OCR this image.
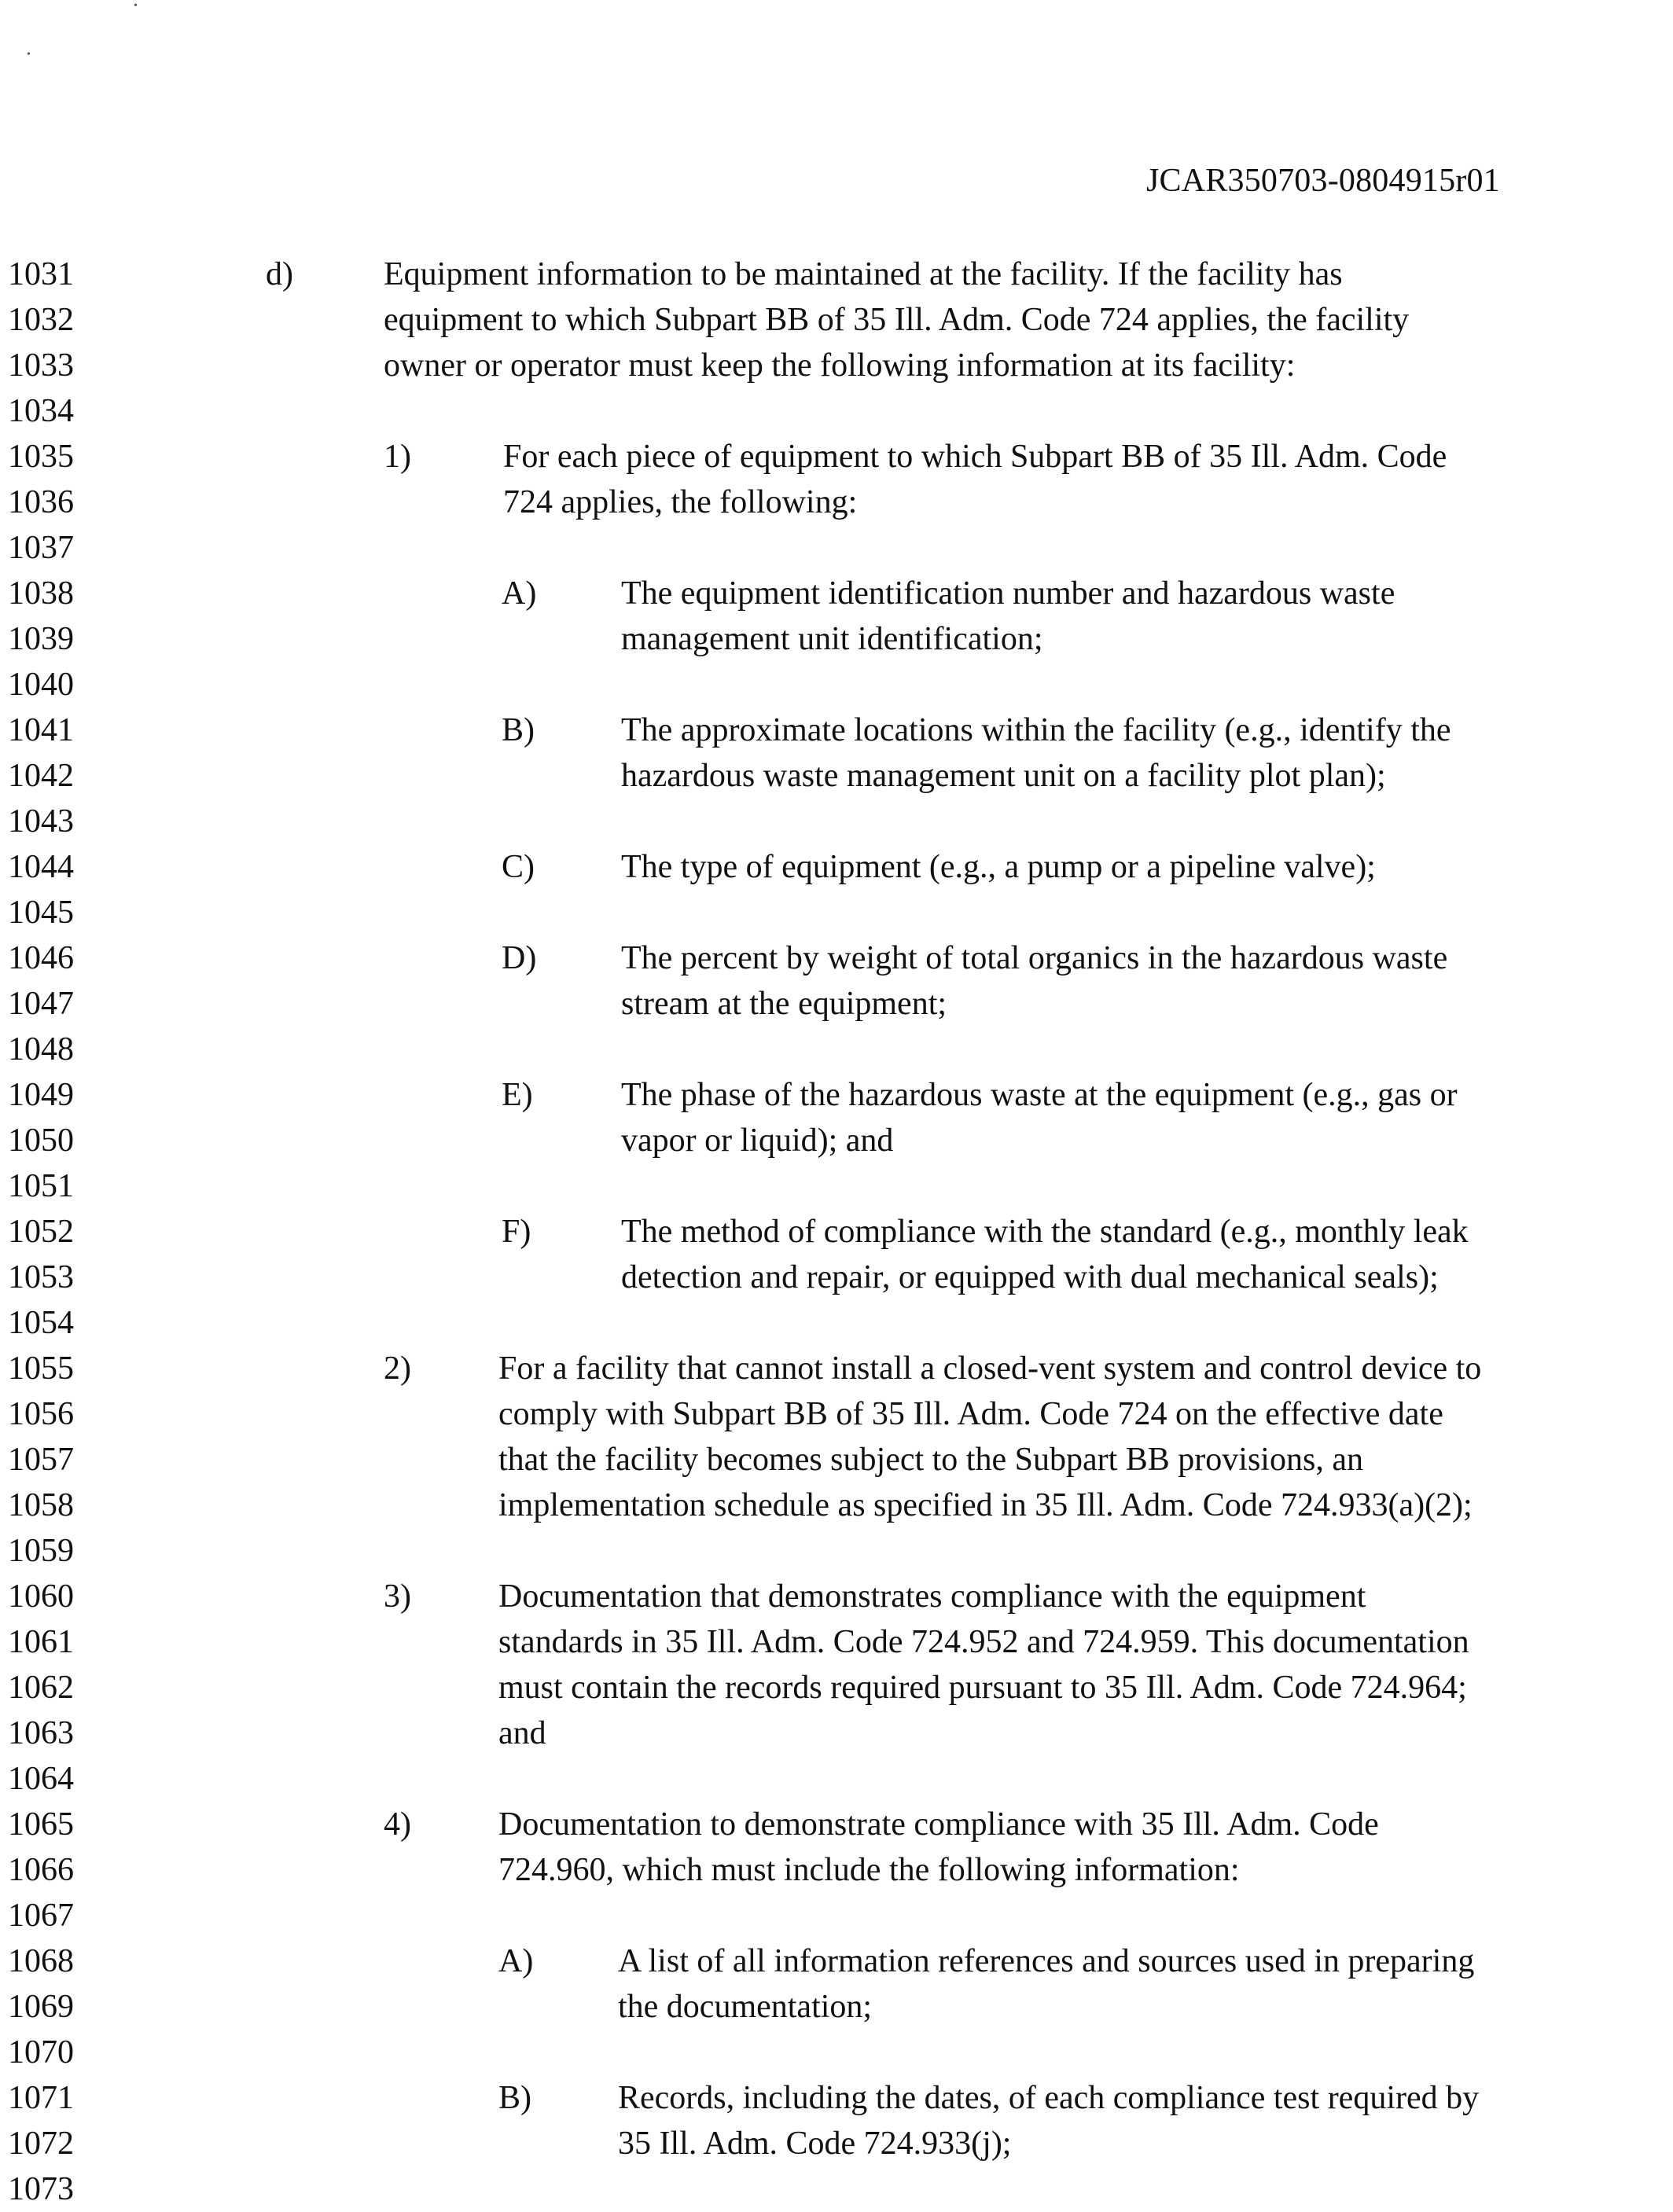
•
•
JCAR350703-0804915r01
1031
1032
1033
1034
1035
1036
1037
1038
1039
1040
1041
1042
1043
1044
1045
1046
1047
1048
1049
1050
1051
1052
1053
1054
1055
1056
1057
1058
1059
1060
1061
1062
1063
1064
1065
1066
1067
1068
1069
1070
1071
1072
1073
d)	Equipment information to be maintained at the facility. If the facility has
equipment to which Subpart BB of 35 Ill. Adm. Code 724 applies, the facility
owner or operator must keep the following information at its facility:
1)	For each piece of equipment to which Subpart BB of 35 Ill. Adm. Code
724 applies, the following:
A)	The equipment identification number and hazardous waste
management unit identification;
B)	The approximate locations within the facility (e.g., identify the
hazardous waste management unit on a facility plot plan);
C)	The type of equipment (e.g., a pump or a pipeline valve);
D)	The percent by weight of total organics in the hazardous waste
stream at the equipment;
E)	The phase of the hazardous waste at the equipment (e.g., gas or
vapor or liquid); and
F)	The method of compliance with the standard (e.g., monthly leak
detection and repair, or equipped with dual mechanical seals);
2)	For a facility that cannot install a closed-vent system and control device to
comply with Subpart BB of 35 Ill. Adm. Code 724 on the effective date
that the facility becomes subject to the Subpart BB provisions, an
implementation schedule as specified in 35 Ill. Adm. Code 724.933(a)(2);
3)	Documentation that demonstrates compliance with the equipment
standards in 35 Ill. Adm. Code 724.952 and 724.959. This documentation
must contain the records required pursuant to 35 Ill. Adm. Code 724.964;
and
4)	Documentation to demonstrate compliance with 35 Ill. Adm. Code
724.960, which must include the following information:
A)	A list of all information references and sources used in preparing
the documentation;
B)	Records, including the dates, of each compliance test required by
35 Ill. Adm. Code 724.933(j);
